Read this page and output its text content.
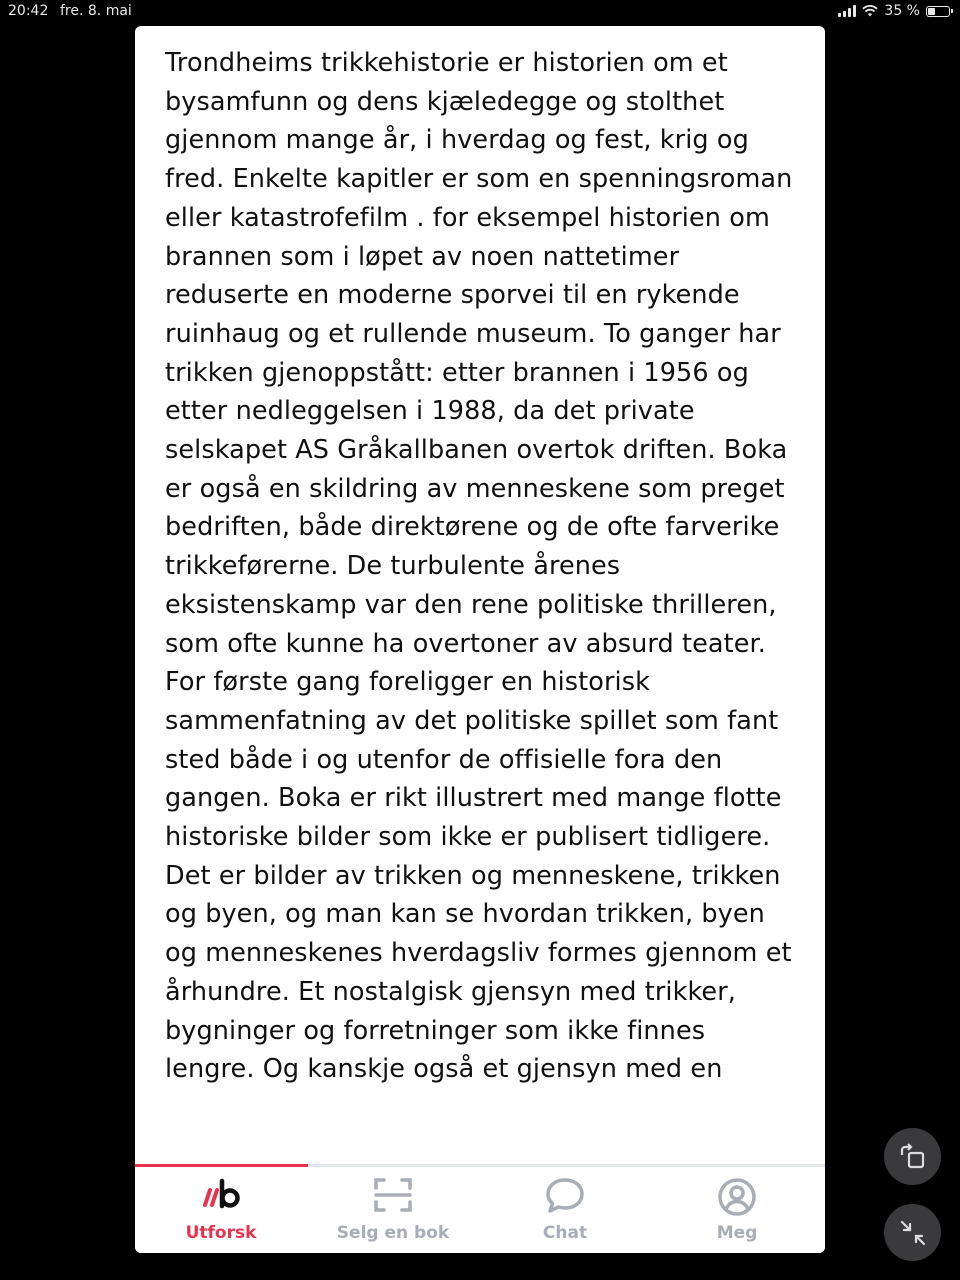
20:42 fre. 8. mai	35 %

Trondheims trikkehistorie er historien om et bysamfunn og dens kjæledegge og stolthet gjennom mange år, i hverdag og fest, krig og fred. Enkelte kapitler er som en spenningsroman eller katastrofefilm . for eksempel historien om brannen som i løpet av noen nattetimer reduserte en moderne sporvei til en rykende ruinhaug og et rullende museum. To ganger har trikken gjenoppstått: etter brannen i 1956 og etter nedleggelsen i 1988, da det private selskapet AS Gråkallbanen overtok driften. Boka er også en skildring av menneskene som preget bedriften, både direktørene og de ofte farverike trikkeførerne. De turbulente årenes eksistenskamp var den rene politiske thrilleren, som ofte kunne ha overtoner av absurd teater. For første gang foreligger en historisk sammenfatning av det politiske spillet som fant sted både i og utenfor de offisielle fora den gangen. Boka er rikt illustrert med mange flotte historiske bilder som ikke er publisert tidligere. Det er bilder av trikken og menneskene, trikken og byen, og man kan se hvordan trikken, byen og menneskenes hverdagsliv formes gjennom et århundre. Et nostalgisk gjensyn med trikker, bygninger og forretninger som ikke finnes lengre. Og kanskje også et gjensyn med en

Utforsk	Selg en bok	Chat	Meg
